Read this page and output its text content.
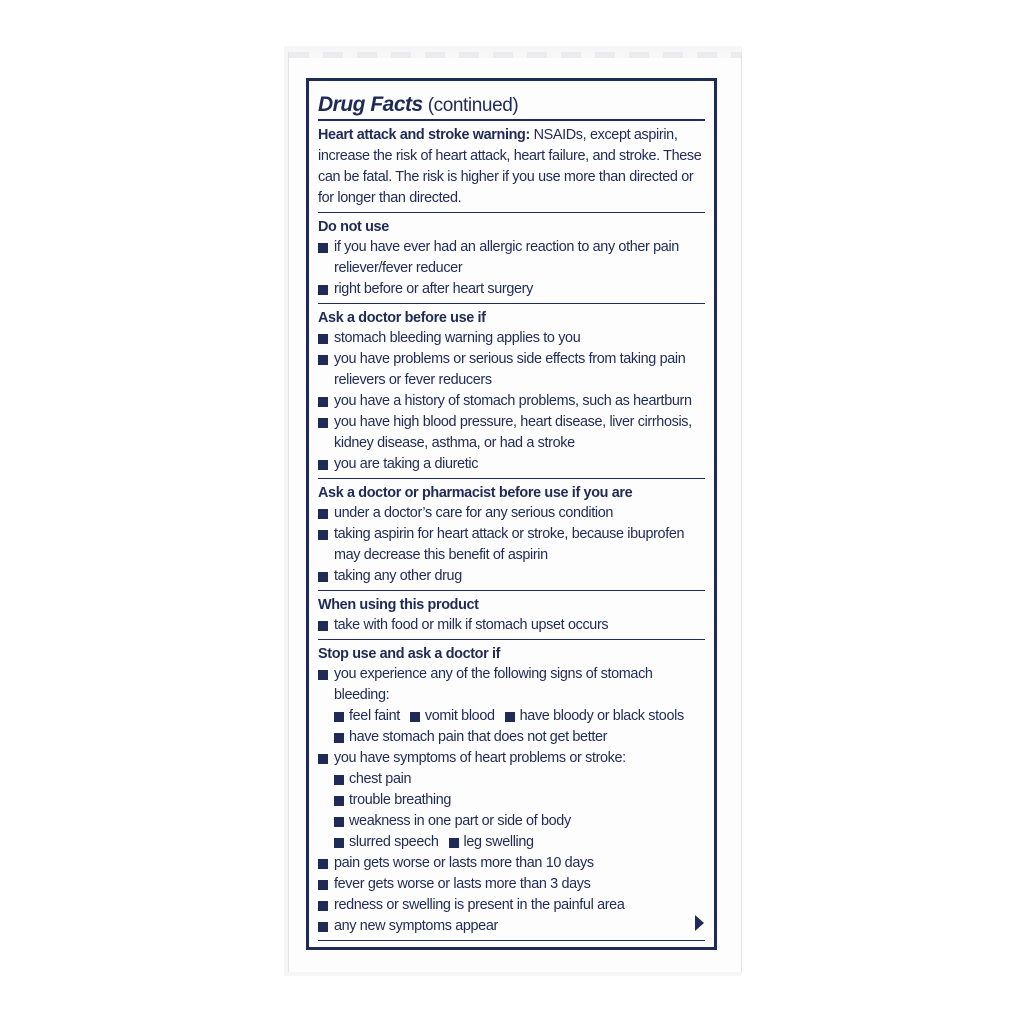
Drug Facts (continued)
Heart attack and stroke warning: NSAIDs, except aspirin, increase the risk of heart attack, heart failure, and stroke. These can be fatal. The risk is higher if you use more than directed or for longer than directed.
Do not use
if you have ever had an allergic reaction to any other pain reliever/fever reducer
right before or after heart surgery
Ask a doctor before use if
stomach bleeding warning applies to you
you have problems or serious side effects from taking pain relievers or fever reducers
you have a history of stomach problems, such as heartburn
you have high blood pressure, heart disease, liver cirrhosis, kidney disease, asthma, or had a stroke
you are taking a diuretic
Ask a doctor or pharmacist before use if you are
under a doctor’s care for any serious condition
taking aspirin for heart attack or stroke, because ibuprofen may decrease this benefit of aspirin
taking any other drug
When using this product
take with food or milk if stomach upset occurs
Stop use and ask a doctor if
you experience any of the following signs of stomach bleeding:
feel faint vomit blood have bloody or black stools
have stomach pain that does not get better
you have symptoms of heart problems or stroke:
chest pain
trouble breathing
weakness in one part or side of body
slurred speech leg swelling
pain gets worse or lasts more than 10 days
fever gets worse or lasts more than 3 days
redness or swelling is present in the painful area
any new symptoms appear
